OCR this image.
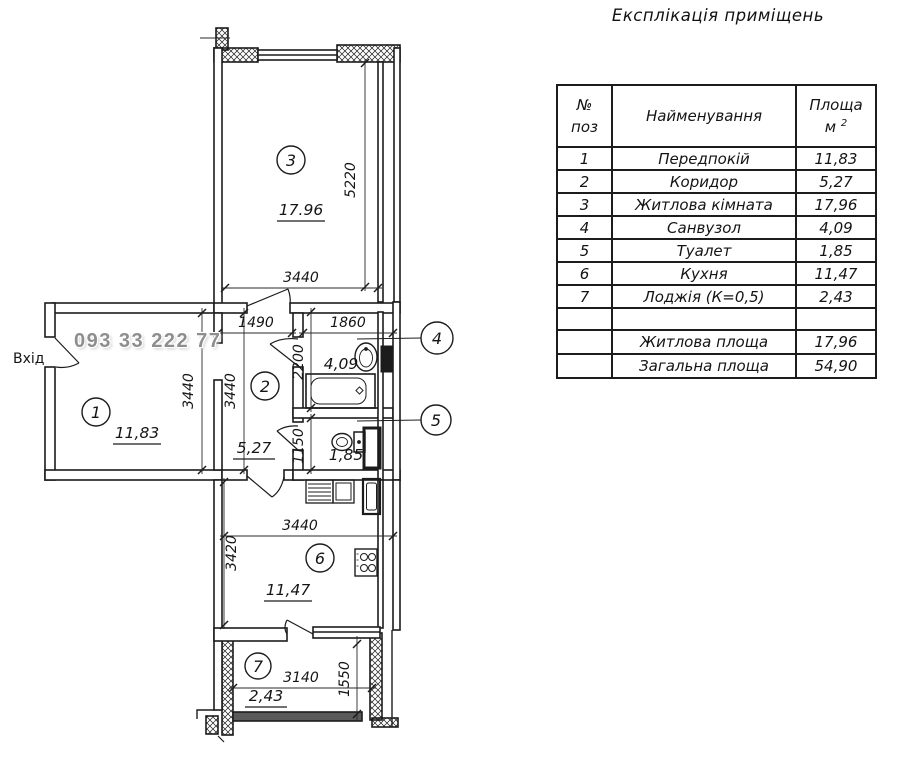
Експлікація приміщень
№
поз	Найменування	Площа
м $^2$
1	Передпокій	11,83
2	Коридор	5,27
3	Житлова кімната	17,96
4	Санвузол	4,09
5	Туалет	1,85
6	Кухня	11,47
7	Лоджія (К=0,5)	2,43

	Житлова площа	17,96
	Загальна площа	54,90
5220
3440
1490	1860
2200
1150
3440 3440
3440
3420
3140 1550
1
2
3
6
7
4
5
11,83
5,27
17.96
4,09
1,85
11,47
2,43
Вхід
093 33 222 77
